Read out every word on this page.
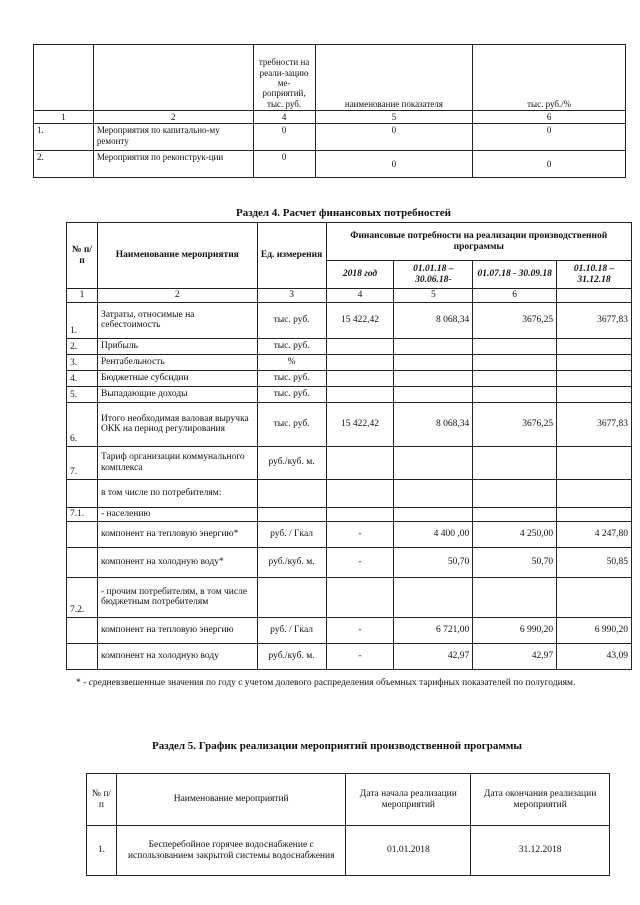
		требности на реали-зацию ме-роприятий, тыс. руб.	наименование показателя	тыс. руб./%
1	2	4	5	6
1.	Мероприятия по капитально-му ремонту	0	0	0
2.	Мероприятия по реконструк-ции	0	0	0
Раздел 4. Расчет финансовых потребностей
№ п/п	Наименование мероприятия	Ед. измерения	Финансовые потребности на реализации производственной программы			
			2018 год	01.01.18 – 30.06.18-	01.07.18 - 30.09.18	01.10.18 – 31.12.18
1	2	3	4	5	6	
1.	Затраты, относимые на себестоимость	тыс. руб.	15 422,42	8 068,34	3676,25	3677,83
2.	Прибыль	тыс. руб.				
3.	Рентабельность	%				
4.	Бюджетные субсидии	тыс. руб.				
5.	Выпадающие доходы	тыс. руб.				
6.	Итого необходимая валовая выручка ОКК на период регулирования	тыс. руб.	15 422,42	8 068,34	3676,25	3677,83
7.	Тариф организации коммунального комплекса	руб./куб. м.				
	в том числе по потребителям:					
7.1.	- населению					
	компонент на тепловую энергию*	руб. / Гкал	-	4 400 ,00	4 250,00	4 247,80
	компонент на холодную воду*	руб./куб. м.	-	50,70	50,70	50,85
7.2.	- прочим потребителям, в том числе бюджетным потребителям					
	компонент на тепловую энергию	руб. / Гкал	-	6 721,00	6 990,20	6 990,20
	компонент на холодную воду	руб./куб. м.	-	42,97	42,97	43,09
* - средневзвешенные значения по году с учетом долевого распределения объемных тарифных показателей по полугодиям.
Раздел 5. График реализации мероприятий производственной программы
№ п/п	Наименование мероприятий	Дата начала реализации мероприятий	Дата окончания реализации мероприятий
1.	Бесперебойное горячее водоснабжение с использованием закрытой системы водоснабжения	01.01.2018	31.12.2018
